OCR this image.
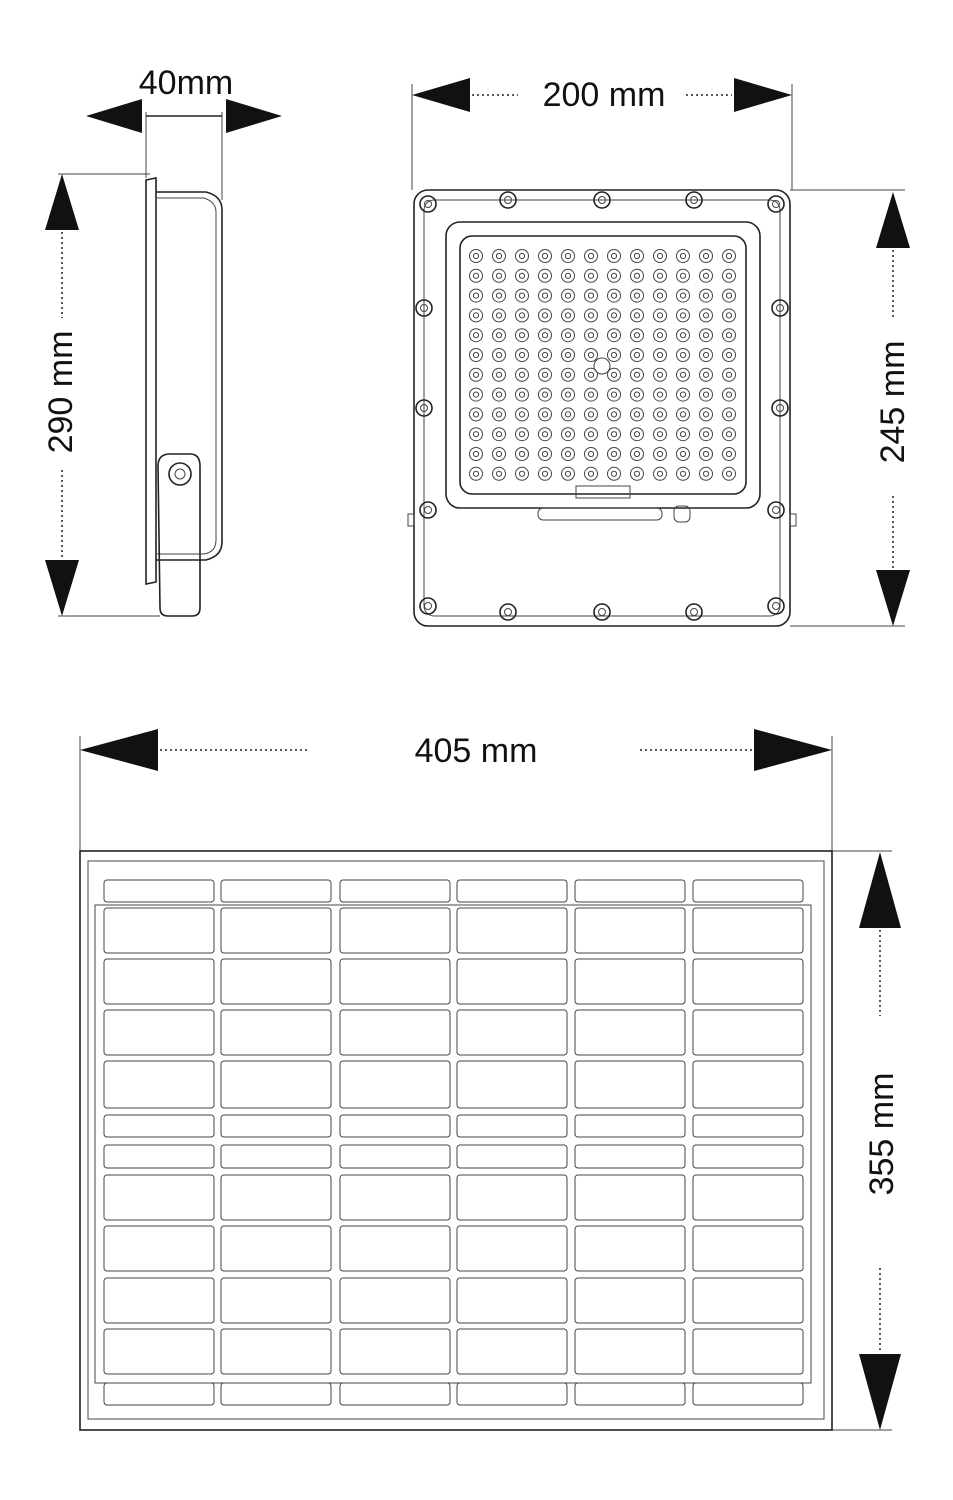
40mm
290 mm
200 mm
245 mm
405 mm
355 mm
